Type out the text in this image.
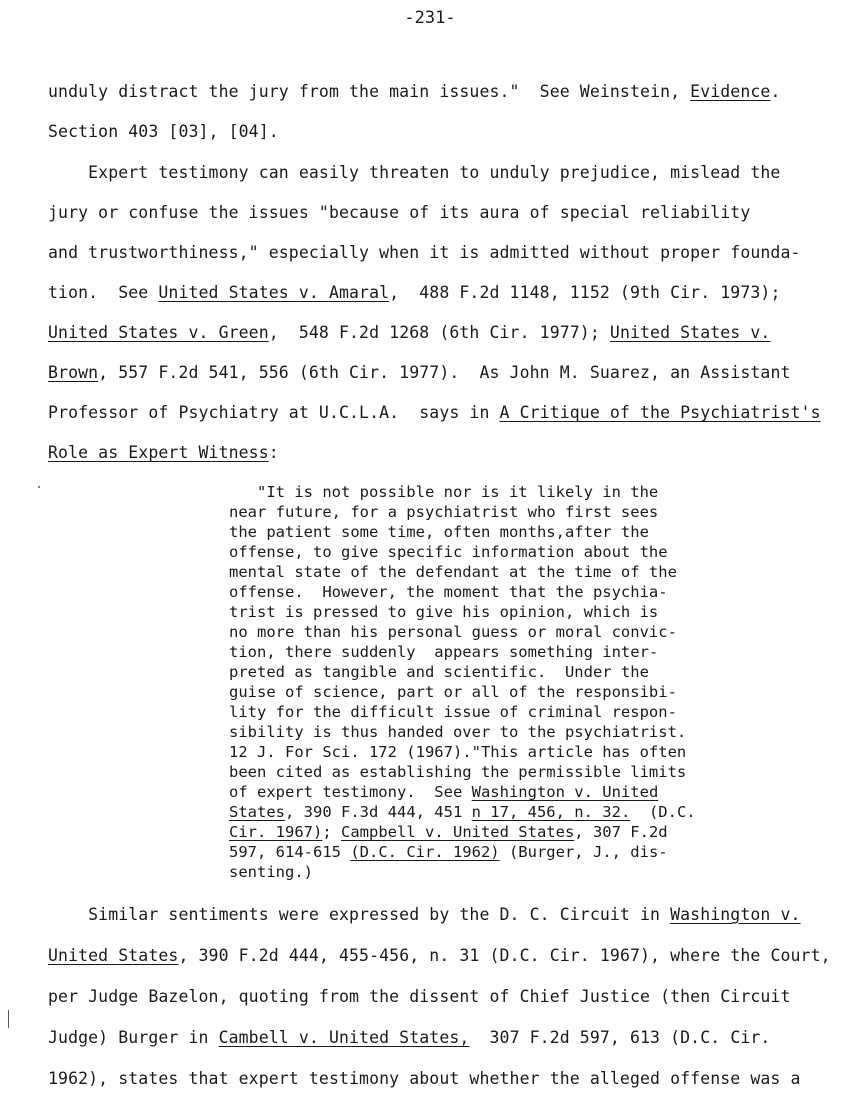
-231-
unduly distract the jury from the main issues."  See Weinstein, Evidence.
Section 403 [03], [04].
Expert testimony can easily threaten to unduly prejudice, mislead the
jury or confuse the issues "because of its aura of special reliability
and trustworthiness," especially when it is admitted without proper founda-
tion.  See United States v. Amaral,  488 F.2d 1148, 1152 (9th Cir. 1973);
United States v. Green,  548 F.2d 1268 (6th Cir. 1977); United States v.
Brown, 557 F.2d 541, 556 (6th Cir. 1977).  As John M. Suarez, an Assistant
Professor of Psychiatry at U.C.L.A.  says in A Critique of the Psychiatrist's
Role as Expert Witness:
"It is not possible nor is it likely in the
near future, for a psychiatrist who first sees
the patient some time, often months,after the
offense, to give specific information about the
mental state of the defendant at the time of the
offense.  However, the moment that the psychia-
trist is pressed to give his opinion, which is
no more than his personal guess or moral convic-
tion, there suddenly  appears something inter-
preted as tangible and scientific.  Under the
guise of science, part or all of the responsibi-
lity for the difficult issue of criminal respon-
sibility is thus handed over to the psychiatrist.
12 J. For Sci. 172 (1967)."This article has often
been cited as establishing the permissible limits
of expert testimony.  See Washington v. United
States, 390 F.3d 444, 451 n 17, 456, n. 32.  (D.C.
Cir. 1967); Campbell v. United States, 307 F.2d
597, 614-615 (D.C. Cir. 1962) (Burger, J., dis-
senting.)
Similar sentiments were expressed by the D. C. Circuit in Washington v.
United States, 390 F.2d 444, 455-456, n. 31 (D.C. Cir. 1967), where the Court,
per Judge Bazelon, quoting from the dissent of Chief Justice (then Circuit
Judge) Burger in Cambell v. United States,  307 F.2d 597, 613 (D.C. Cir.
1962), states that expert testimony about whether the alleged offense was a
